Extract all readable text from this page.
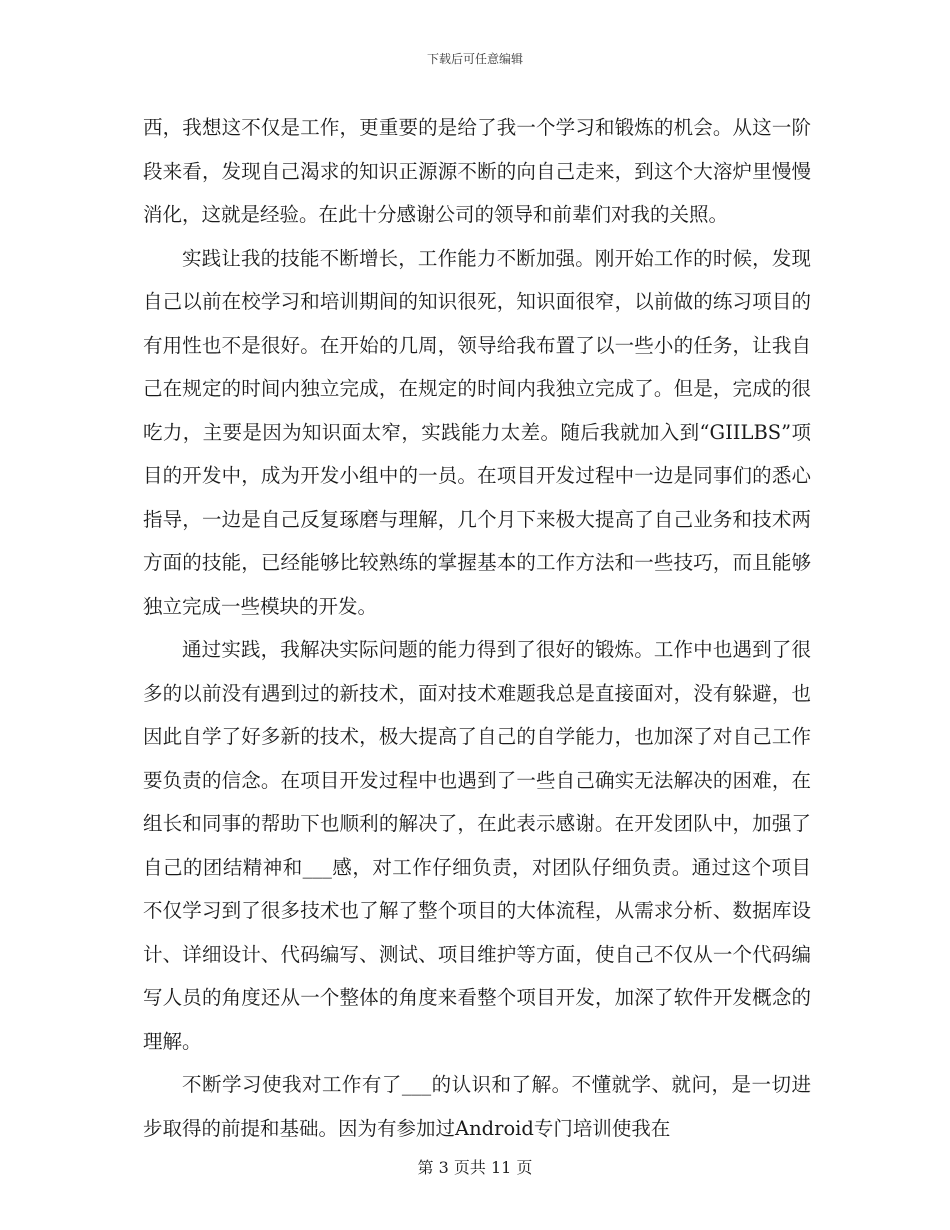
下载后可任意编辑

西，我想这不仅是工作，更重要的是给了我一个学习和锻炼的机会。从这一阶段来看，发现自己渴求的知识正源源不断的向自己走来，到这个大溶炉里慢慢消化，这就是经验。在此十分感谢公司的领导和前辈们对我的关照。

实践让我的技能不断增长，工作能力不断加强。刚开始工作的时候，发现自己以前在校学习和培训期间的知识很死，知识面很窄，以前做的练习项目的有用性也不是很好。在开始的几周，领导给我布置了以一些小的任务，让我自己在规定的时间内独立完成，在规定的时间内我独立完成了。但是，完成的很吃力，主要是因为知识面太窄，实践能力太差。随后我就加入到“GIILBS”项目的开发中，成为开发小组中的一员。在项目开发过程中一边是同事们的悉心指导，一边是自己反复琢磨与理解，几个月下来极大提高了自己业务和技术两方面的技能，已经能够比较熟练的掌握基本的工作方法和一些技巧，而且能够独立完成一些模块的开发。

通过实践，我解决实际问题的能力得到了很好的锻炼。工作中也遇到了很多的以前没有遇到过的新技术，面对技术难题我总是直接面对，没有躲避，也因此自学了好多新的技术，极大提高了自己的自学能力，也加深了对自己工作要负责的信念。在项目开发过程中也遇到了一些自己确实无法解决的困难，在组长和同事的帮助下也顺利的解决了，在此表示感谢。在开发团队中，加强了自己的团结精神和___感，对工作仔细负责，对团队仔细负责。通过这个项目不仅学习到了很多技术也了解了整个项目的大体流程，从需求分析、数据库设计、详细设计、代码编写、测试、项目维护等方面，使自己不仅从一个代码编写人员的角度还从一个整体的角度来看整个项目开发，加深了软件开发概念的理解。

不断学习使我对工作有了___的认识和了解。不懂就学、就问，是一切进步取得的前提和基础。因为有参加过Android专门培训使我在

第 3 页共 11 页
